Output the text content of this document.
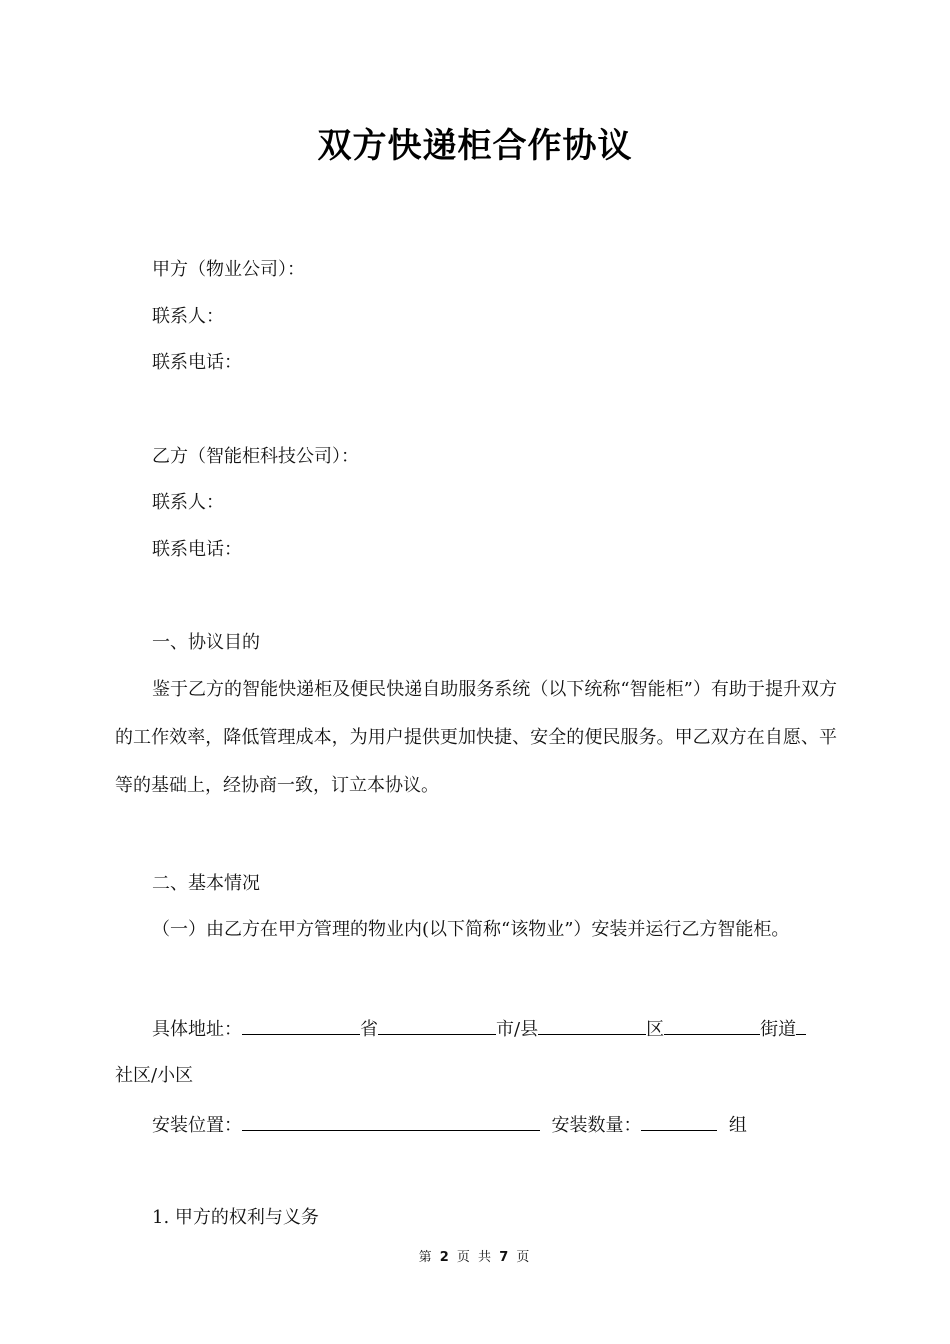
双方快递柜合作协议
甲方（物业公司）：
联系人：
联系电话：
乙方（智能柜科技公司）：
联系人：
联系电话：
一、协议目的
鉴于乙方的智能快递柜及便民快递自助服务系统（以下统称“智能柜”）有助于提升双方的工作效率，降低管理成本，为用户提供更加快捷、安全的便民服务。甲乙双方在自愿、平等的基础上，经协商一致，订立本协议。
二、基本情况
（一）由乙方在甲方管理的物业内(以下简称“该物业”）安装并运行乙方智能柜。
具体地址：	省	市/县	区	街道
社区/小区
安装位置：	安装数量：	组
1. 甲方的权利与义务
第 2 页 共 7 页
